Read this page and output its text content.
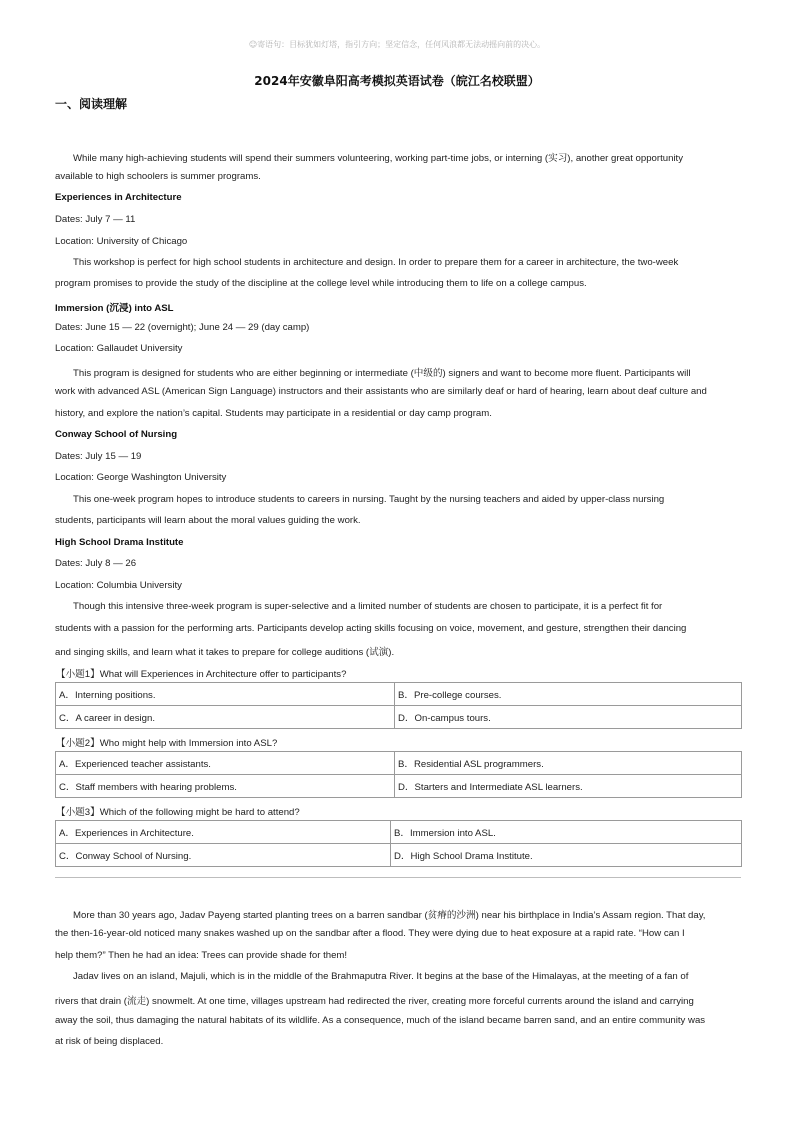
☺寄语句：目标犹如灯塔，指引方向；坚定信念，任何风浪都无法动摇向前的决心。
2024年安徽阜阳高考模拟英语试卷（皖江名校联盟）
一、阅读理解
While many high-achieving students will spend their summers volunteering, working part-time jobs, or interning (实习), another great opportunity
available to high schoolers is summer programs.
Experiences in Architecture
Dates: July 7 — 11
Location: University of Chicago
This workshop is perfect for high school students in architecture and design. In order to prepare them for a career in architecture, the two-week
program promises to provide the study of the discipline at the college level while introducing them to life on a college campus.
Immersion (沉浸) into ASL
Dates: June 15 — 22 (overnight); June 24 — 29 (day camp)
Location: Gallaudet University
This program is designed for students who are either beginning or intermediate (中级的) signers and want to become more fluent. Participants will
work with advanced ASL (American Sign Language) instructors and their assistants who are similarly deaf or hard of hearing, learn about deaf culture and
history, and explore the nation’s capital. Students may participate in a residential or day camp program.
Conway School of Nursing
Dates: July 15 — 19
Location: George Washington University
This one-week program hopes to introduce students to careers in nursing. Taught by the nursing teachers and aided by upper-class nursing
students, participants will learn about the moral values guiding the work.
High School Drama Institute
Dates: July 8 — 26
Location: Columbia University
Though this intensive three-week program is super-selective and a limited number of students are chosen to participate, it is a perfect fit for
students with a passion for the performing arts. Participants develop acting skills focusing on voice, movement, and gesture, strengthen their dancing
and singing skills, and learn what it takes to prepare for college auditions (试演).
【小题1】What will Experiences in Architecture offer to participants?
A．Interning positions.	B．Pre-college courses.
C．A career in design.	D．On-campus tours.
【小题2】Who might help with Immersion into ASL?
A．Experienced teacher assistants.	B．Residential ASL programmers.
C．Staff members with hearing problems.	D．Starters and Intermediate ASL learners.
【小题3】Which of the following might be hard to attend?
A．Experiences in Architecture.	B．Immersion into ASL.
C．Conway School of Nursing.	D．High School Drama Institute.
More than 30 years ago, Jadav Payeng started planting trees on a barren sandbar (贫瘠的沙洲) near his birthplace in India’s Assam region. That day,
the then-16-year-old noticed many snakes washed up on the sandbar after a flood. They were dying due to heat exposure at a rapid rate. “How can I
help them?” Then he had an idea: Trees can provide shade for them!
Jadav lives on an island, Majuli, which is in the middle of the Brahmaputra River. It begins at the base of the Himalayas, at the meeting of a fan of
rivers that drain (流走) snowmelt. At one time, villages upstream had redirected the river, creating more forceful currents around the island and carrying
away the soil, thus damaging the natural habitats of its wildlife. As a consequence, much of the island became barren sand, and an entire community was
at risk of being displaced.
